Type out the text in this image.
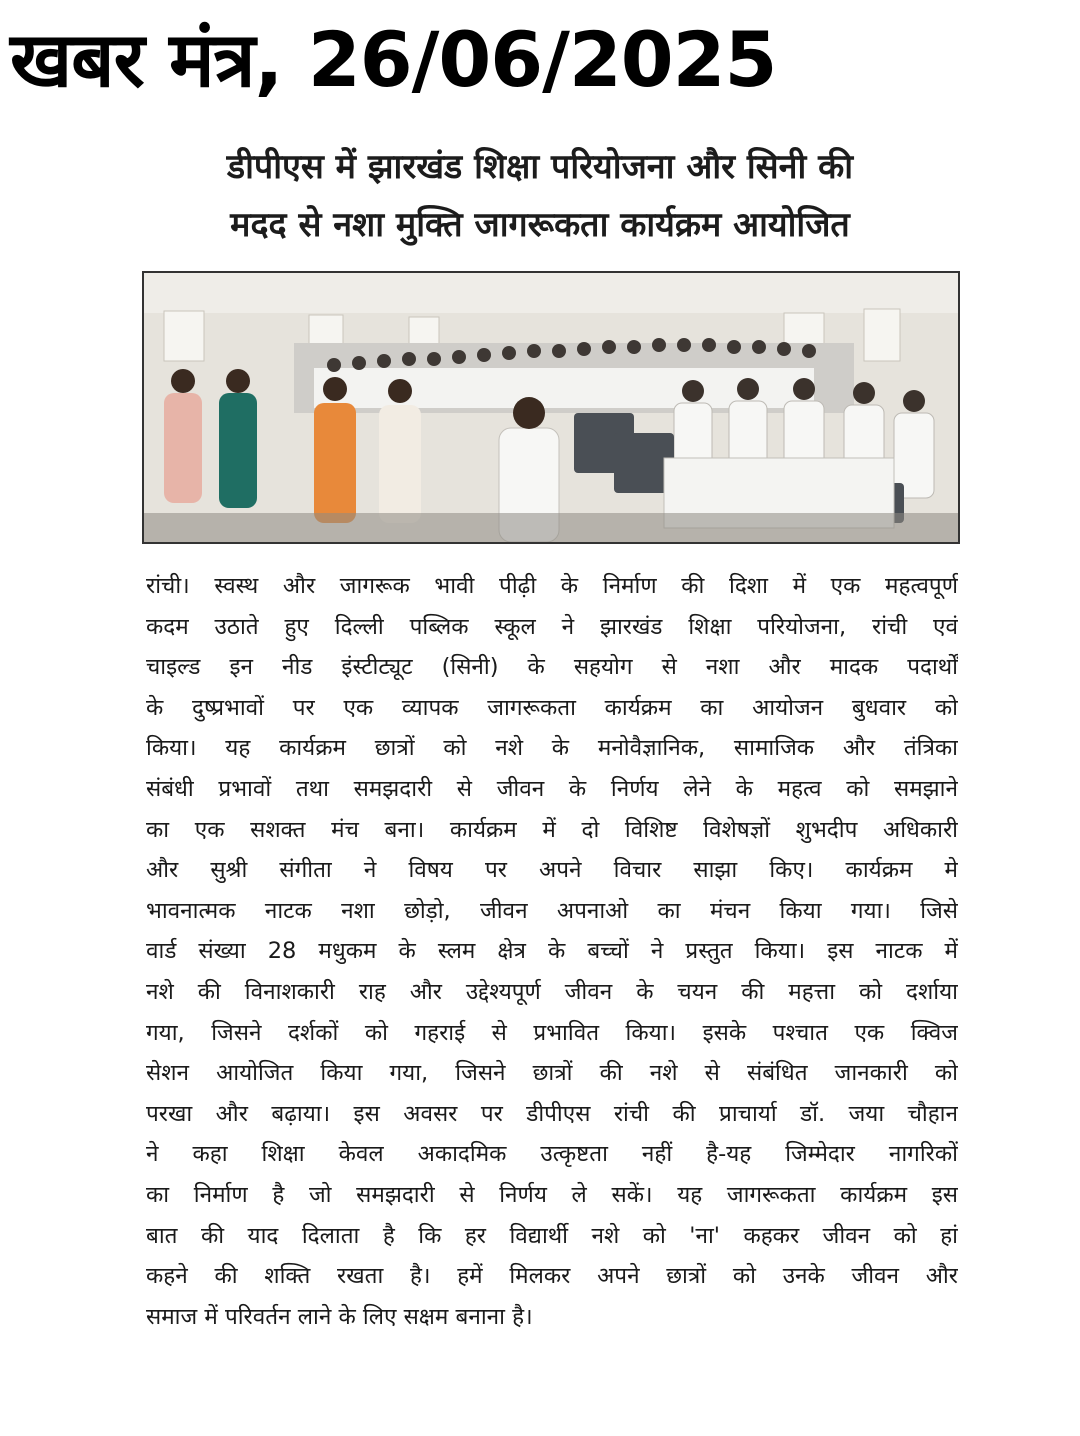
खबर मंत्र, 26/06/2025
डीपीएस में झारखंड शिक्षा परियोजना और सिनी की
मदद से नशा मुक्ति जागरूकता कार्यक्रम आयोजित
रांची। स्वस्थ और जागरूक भावी पीढ़ी के निर्माण की दिशा में एक महत्वपूर्ण
कदम उठाते हुए दिल्ली पब्लिक स्कूल ने झारखंड शिक्षा परियोजना, रांची एवं
चाइल्ड इन नीड इंस्टीट्यूट (सिनी) के सहयोग से नशा और मादक पदार्थों
के दुष्प्रभावों पर एक व्यापक जागरूकता कार्यक्रम का आयोजन बुधवार को
किया। यह कार्यक्रम छात्रों को नशे के मनोवैज्ञानिक, सामाजिक और तंत्रिका
संबंधी प्रभावों तथा समझदारी से जीवन के निर्णय लेने के महत्व को समझाने
का एक सशक्त मंच बना। कार्यक्रम में दो विशिष्ट विशेषज्ञों शुभदीप अधिकारी
और सुश्री संगीता ने विषय पर अपने विचार साझा किए। कार्यक्रम मे
भावनात्मक नाटक नशा छोड़ो, जीवन अपनाओ का मंचन किया गया। जिसे
वार्ड संख्या 28 मधुकम के स्लम क्षेत्र के बच्चों ने प्रस्तुत किया। इस नाटक में
नशे की विनाशकारी राह और उद्देश्यपूर्ण जीवन के चयन की महत्ता को दर्शाया
गया, जिसने दर्शकों को गहराई से प्रभावित किया। इसके पश्चात एक क्विज
सेशन आयोजित किया गया, जिसने छात्रों की नशे से संबंधित जानकारी को
परखा और बढ़ाया। इस अवसर पर डीपीएस रांची की प्राचार्या डॉ. जया चौहान
ने कहा शिक्षा केवल अकादमिक उत्कृष्टता नहीं है-यह जिम्मेदार नागरिकों
का निर्माण है जो समझदारी से निर्णय ले सकें। यह जागरूकता कार्यक्रम इस
बात की याद दिलाता है कि हर विद्यार्थी नशे को 'ना' कहकर जीवन को हां
कहने की शक्ति रखता है। हमें मिलकर अपने छात्रों को उनके जीवन और
समाज में परिवर्तन लाने के लिए सक्षम बनाना है।
